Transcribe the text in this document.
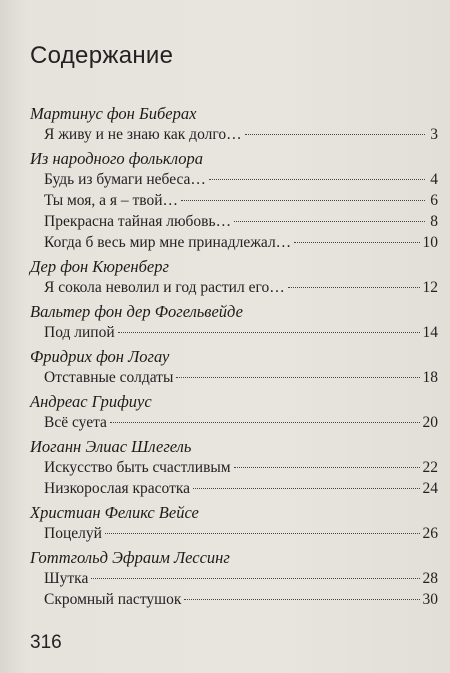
Содержание
Мартинус фон Биберах
Я живу и не знаю как долго…	3
Из народного фольклора
Будь из бумаги небеса…	4
Ты моя, а я – твой…	6
Прекрасна тайная любовь…	8
Когда б весь мир мне принадлежал…	10
Дер фон Кюренберг
Я сокола неволил и год растил его…	12
Вальтер фон дер Фогельвейде
Под липой	14
Фридрих фон Логау
Отставные солдаты	18
Андреас Грифиус
Всё суета	20
Иоганн Элиас Шлегель
Искусство быть счастливым	22
Низкорослая красотка	24
Христиан Феликс Вейсе
Поцелуй	26
Готтгольд Эфраим Лессинг
Шутка	28
Скромный пастушок	30
316
